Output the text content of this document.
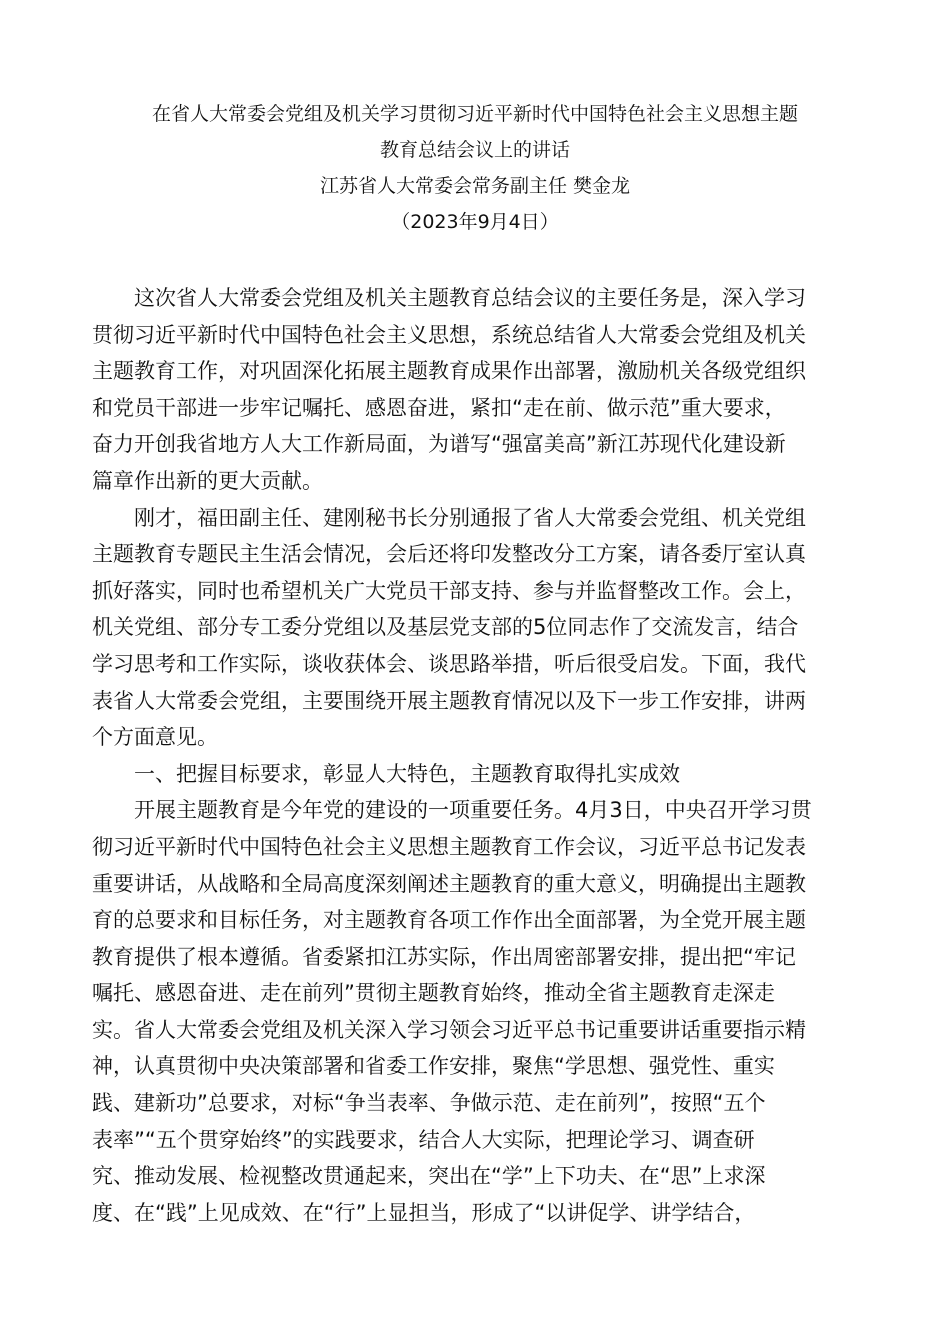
在省人大常委会党组及机关学习贯彻习近平新时代中国特色社会主义思想主题
教育总结会议上的讲话
江苏省人大常委会常务副主任 樊金龙
（2023年9月4日）
这次省人大常委会党组及机关主题教育总结会议的主要任务是，深入学习
贯彻习近平新时代中国特色社会主义思想，系统总结省人大常委会党组及机关
主题教育工作，对巩固深化拓展主题教育成果作出部署，激励机关各级党组织
和党员干部进一步牢记嘱托、感恩奋进，紧扣“走在前、做示范”重大要求，
奋力开创我省地方人大工作新局面，为谱写“强富美高”新江苏现代化建设新
篇章作出新的更大贡献。
刚才，福田副主任、建刚秘书长分别通报了省人大常委会党组、机关党组
主题教育专题民主生活会情况，会后还将印发整改分工方案，请各委厅室认真
抓好落实，同时也希望机关广大党员干部支持、参与并监督整改工作。会上，
机关党组、部分专工委分党组以及基层党支部的5位同志作了交流发言，结合
学习思考和工作实际，谈收获体会、谈思路举措，听后很受启发。下面，我代
表省人大常委会党组，主要围绕开展主题教育情况以及下一步工作安排，讲两
个方面意见。
一、把握目标要求，彰显人大特色，主题教育取得扎实成效
开展主题教育是今年党的建设的一项重要任务。4月3日，中央召开学习贯
彻习近平新时代中国特色社会主义思想主题教育工作会议，习近平总书记发表
重要讲话，从战略和全局高度深刻阐述主题教育的重大意义，明确提出主题教
育的总要求和目标任务，对主题教育各项工作作出全面部署，为全党开展主题
教育提供了根本遵循。省委紧扣江苏实际，作出周密部署安排，提出把“牢记
嘱托、感恩奋进、走在前列”贯彻主题教育始终，推动全省主题教育走深走
实。省人大常委会党组及机关深入学习领会习近平总书记重要讲话重要指示精
神，认真贯彻中央决策部署和省委工作安排，聚焦“学思想、强党性、重实
践、建新功”总要求，对标“争当表率、争做示范、走在前列”，按照“五个
表率”“五个贯穿始终”的实践要求，结合人大实际，把理论学习、调查研
究、推动发展、检视整改贯通起来，突出在“学”上下功夫、在“思”上求深
度、在“践”上见成效、在“行”上显担当，形成了“以讲促学、讲学结合，
